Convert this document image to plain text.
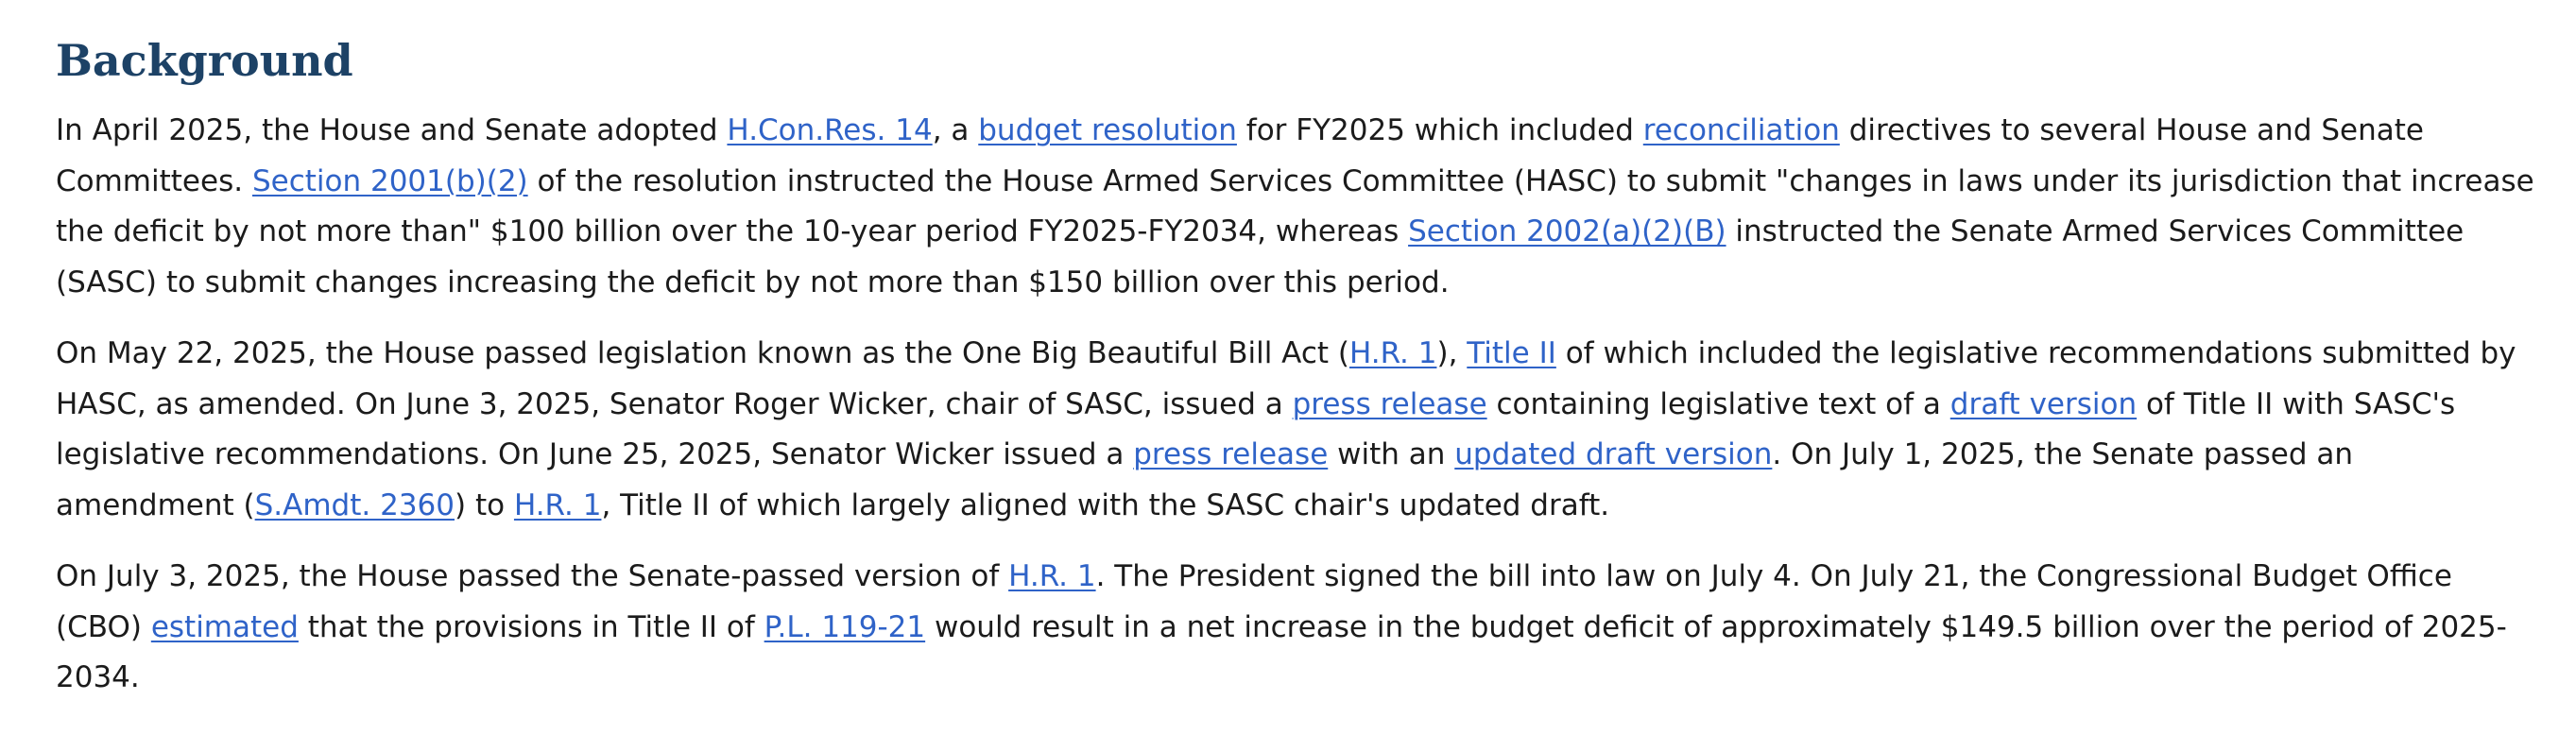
Background
In April 2025, the House and Senate adopted H.Con.Res. 14, a budget resolution for FY2025 which included reconciliation directives to several House and Senate
Committees. Section 2001(b)(2) of the resolution instructed the House Armed Services Committee (HASC) to submit "changes in laws under its jurisdiction that increase
the deficit by not more than" $100 billion over the 10-year period FY2025-FY2034, whereas Section 2002(a)(2)(B) instructed the Senate Armed Services Committee
(SASC) to submit changes increasing the deficit by not more than $150 billion over this period.
On May 22, 2025, the House passed legislation known as the One Big Beautiful Bill Act (H.R. 1), Title II of which included the legislative recommendations submitted by
HASC, as amended. On June 3, 2025, Senator Roger Wicker, chair of SASC, issued a press release containing legislative text of a draft version of Title II with SASC's
legislative recommendations. On June 25, 2025, Senator Wicker issued a press release with an updated draft version. On July 1, 2025, the Senate passed an
amendment (S.Amdt. 2360) to H.R. 1, Title II of which largely aligned with the SASC chair's updated draft.
On July 3, 2025, the House passed the Senate-passed version of H.R. 1. The President signed the bill into law on July 4. On July 21, the Congressional Budget Office
(CBO) estimated that the provisions in Title II of P.L. 119-21 would result in a net increase in the budget deficit of approximately $149.5 billion over the period of 2025-
2034.
